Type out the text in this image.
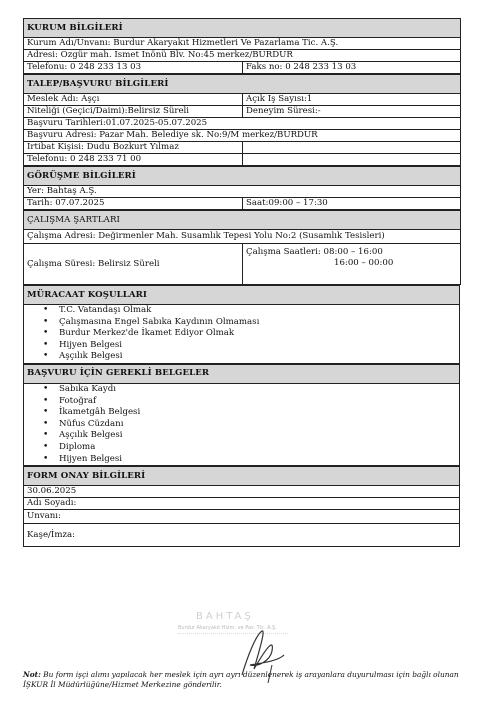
KURUM BİLGİLERİ
Kurum Adı/Unvanı: Burdur Akaryakıt Hizmetleri Ve Pazarlama Tic. A.Ş.
Adresi: Özgür mah. İsmet İnönü Blv. No:45 merkez/BURDUR
Telefonu: 0 248 233 13 03	Faks no: 0 248 233 13 03
TALEP/BAŞVURU BİLGİLERİ	
Meslek Adı: Aşçı	Açık İş Sayısı:1
Niteliği (Geçici/Daimi):Belirsiz Süreli	Deneyim Süresi:-
Başvuru Tarihleri:01.07.2025-05.07.2025	
Başvuru Adresi: Pazar Mah. Belediye sk. No:9/M merkez/BURDUR	
İrtibat Kişisi: Dudu Bozkurt Yılmaz	
Telefonu: 0 248 233 71 00	
GÖRÜŞME BİLGİLERİ
Yer: Bahtaş A.Ş.
Tarih: 07.07.2025	Saat:09:00 – 17:30
ÇALIŞMA ŞARTLARI
Çalışma Adresi: Değirmenler Mah. Susamlık Tepesi Yolu No:2 (Susamlık Tesisleri)
Çalışma Süresi: Belirsiz Süreli	
Çalışma Saatleri: 08:00 – 16:00
16:00 – 00:00
MÜRACAAT KOŞULLARI

• T.C. Vatandaşı Olmak
• Çalışmasına Engel Sabıka Kaydının Olmaması
• Burdur Merkez'de İkamet Ediyor Olmak
• Hijyen Belgesi
• Aşçılık Belgesi
BAŞVURU İÇİN GEREKLİ BELGELER

• Sabıka Kaydı
• Fotoğraf
• İkametgâh Belgesi
• Nüfus Cüzdanı
• Aşçılık Belgesi
• Diploma
• Hijyen Belgesi
FORM ONAY BİLGİLERİ
30.06.2025
Adı Soyadı:
Unvanı:
Kaşe/İmza:
BAHTAŞ
Burdur Akaryakıt Hizm. ve Paz. Tic. A.Ş.
Not: Bu form işçi alımı yapılacak her meslek için ayrı ayrı düzenlenerek iş arayanlara duyurulması için bağlı olunan İŞKUR İl Müdürlüğüne/Hizmet Merkezine gönderilir.
